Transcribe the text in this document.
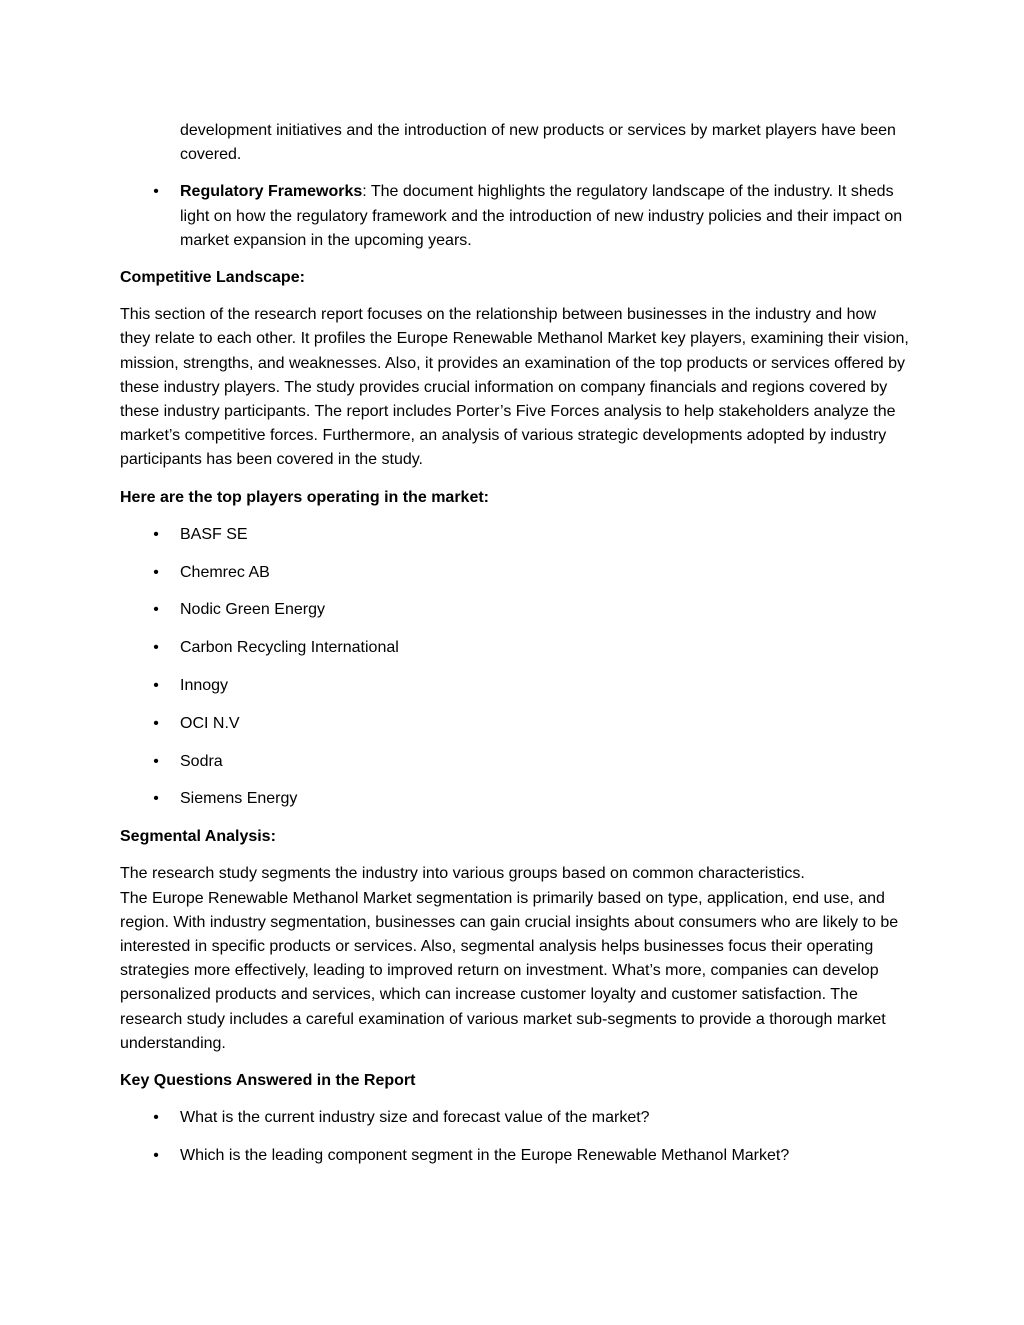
development initiatives and the introduction of new products or services by market players have been covered.

• Regulatory Frameworks: The document highlights the regulatory landscape of the industry. It sheds light on how the regulatory framework and the introduction of new industry policies and their impact on market expansion in the upcoming years.

Competitive Landscape:

This section of the research report focuses on the relationship between businesses in the industry and how they relate to each other. It profiles the Europe Renewable Methanol Market key players, examining their vision, mission, strengths, and weaknesses. Also, it provides an examination of the top products or services offered by these industry players. The study provides crucial information on company financials and regions covered by these industry participants. The report includes Porter’s Five Forces analysis to help stakeholders analyze the market’s competitive forces. Furthermore, an analysis of various strategic developments adopted by industry participants has been covered in the study.

Here are the top players operating in the market:

• BASF SE

• Chemrec AB

• Nodic Green Energy

• Carbon Recycling International

• Innogy

• OCI N.V

• Sodra

• Siemens Energy

Segmental Analysis:

The research study segments the industry into various groups based on common characteristics.

The Europe Renewable Methanol Market segmentation is primarily based on type, application, end use, and region. With industry segmentation, businesses can gain crucial insights about consumers who are likely to be interested in specific products or services. Also, segmental analysis helps businesses focus their operating strategies more effectively, leading to improved return on investment. What’s more, companies can develop personalized products and services, which can increase customer loyalty and customer satisfaction. The research study includes a careful examination of various market sub-segments to provide a thorough market understanding.

Key Questions Answered in the Report

• What is the current industry size and forecast value of the market?

• Which is the leading component segment in the Europe Renewable Methanol Market?
